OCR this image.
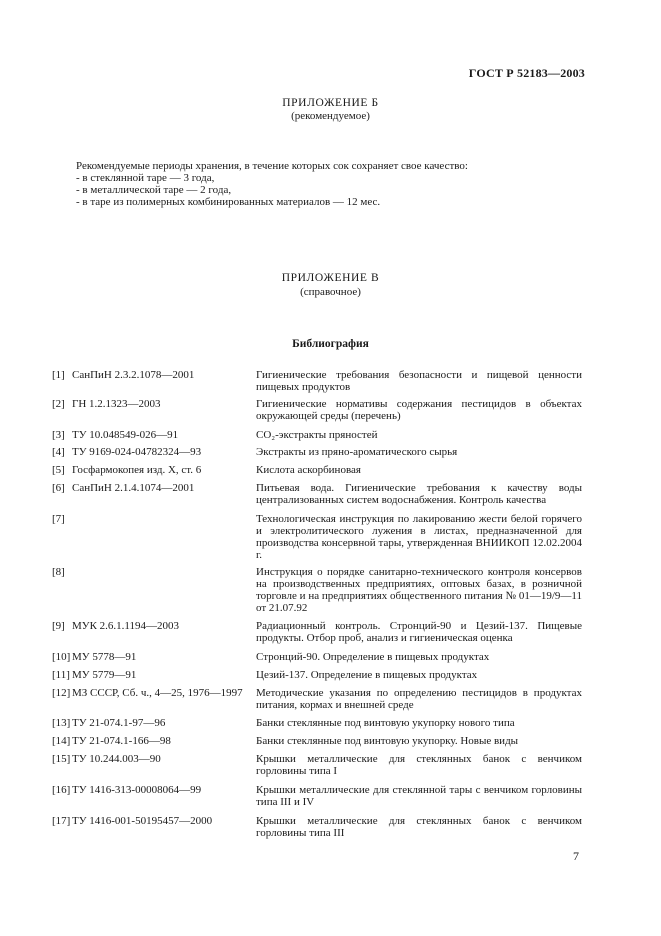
ГОСТ Р 52183—2003
ПРИЛОЖЕНИЕ Б
(рекомендуемое)
Рекомендуемые периоды хранения, в течение которых сок сохраняет свое качество:
- в стеклянной таре — 3 года,
- в металлической таре — 2 года,
- в таре из полимерных комбинированных материалов — 12 мес.
ПРИЛОЖЕНИЕ В
(справочное)
Библиография
[1] СанПиН 2.3.2.1078—2001	Гигиенические требования безопасности и пищевой ценности пищевых продуктов
[2] ГН 1.2.1323—2003	Гигиенические нормативы содержания пестицидов в объектах окружающей среды (перечень)
[3] ТУ 10.048549-026—91	СО₂-экстракты пряностей
[4] ТУ 9169-024-04782324—93	Экстракты из пряно-ароматического сырья
[5] Госфармокопея изд. X, ст. 6	Кислота аскорбиновая
[6] СанПиН 2.1.4.1074—2001	Питьевая вода. Гигиенические требования к качеству воды централизованных систем водоснабжения. Контроль качества
[7]	Технологическая инструкция по лакированию жести белой горячего и электролитического лужения в листах, предназначенной для производства консервной тары, утвержденная ВНИИКОП 12.02.2004 г.
[8]	Инструкция о порядке санитарно-технического контроля консервов на производственных предприятиях, оптовых базах, в розничной торговле и на предприятиях общественного питания № 01—19/9—11 от 21.07.92
[9] МУК 2.6.1.1194—2003	Радиационный контроль. Стронций-90 и Цезий-137. Пищевые продукты. Отбор проб, анализ и гигиеническая оценка
[10] МУ 5778—91	Стронций-90. Определение в пищевых продуктах
[11] МУ 5779—91	Цезий-137. Определение в пищевых продуктах
[12] МЗ СССР, Сб. ч., 4—25, 1976—1997	Методические указания по определению пестицидов в продуктах питания, кормах и внешней среде
[13] ТУ 21-074.1-97—96	Банки стеклянные под винтовую укупорку нового типа
[14] ТУ 21-074.1-166—98	Банки стеклянные под винтовую укупорку. Новые виды
[15] ТУ 10.244.003—90	Крышки металлические для стеклянных банок с венчиком горловины типа I
[16] ТУ 1416-313-00008064—99	Крышки металлические для стеклянной тары с венчиком горловины типа III и IV
[17] ТУ 1416-001-50195457—2000	Крышки металлические для стеклянных банок с венчиком горловины типа III
7
